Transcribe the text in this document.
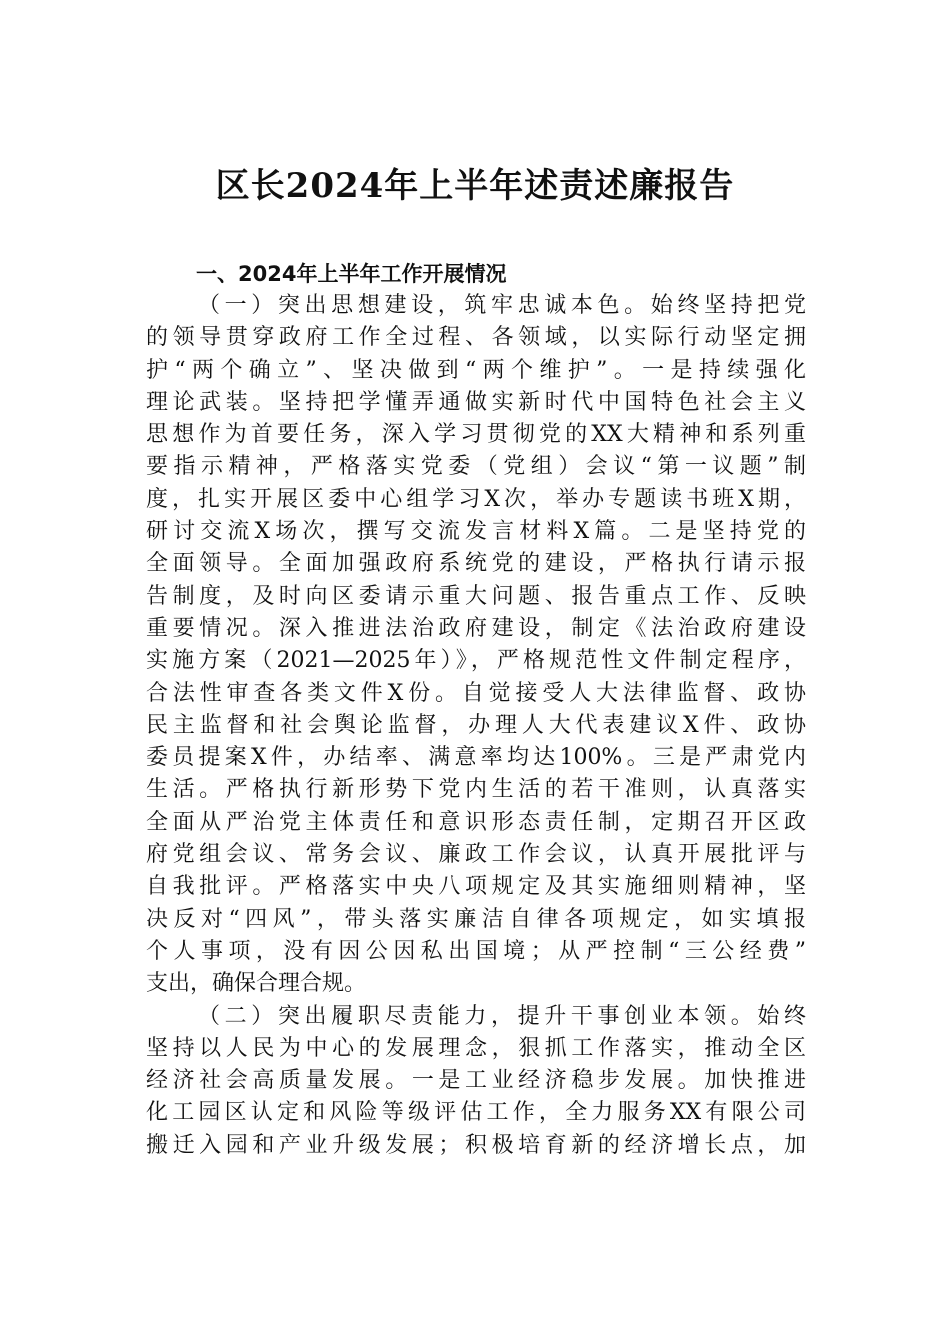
区长2024年上半年述责述廉报告
一、2024年上半年工作开展情况
（一）突出思想建设，筑牢忠诚本色。始终坚持把党
的领导贯穿政府工作全过程、各领域，以实际行动坚定拥
护“两个确立”、坚决做到“两个维护”。一是持续强化
理论武装。坚持把学懂弄通做实新时代中国特色社会主义
思想作为首要任务，深入学习贯彻党的XX大精神和系列重
要指示精神，严格落实党委（党组）会议“第一议题”制
度，扎实开展区委中心组学习X次，举办专题读书班X期，
研讨交流X场次，撰写交流发言材料X篇。二是坚持党的
全面领导。全面加强政府系统党的建设，严格执行请示报
告制度，及时向区委请示重大问题、报告重点工作、反映
重要情况。深入推进法治政府建设，制定《法治政府建设
实施方案（2021—2025年）》，严格规范性文件制定程序，
合法性审查各类文件X份。自觉接受人大法律监督、政协
民主监督和社会舆论监督，办理人大代表建议X件、政协
委员提案X件，办结率、满意率均达100%。三是严肃党内
生活。严格执行新形势下党内生活的若干准则，认真落实
全面从严治党主体责任和意识形态责任制，定期召开区政
府党组会议、常务会议、廉政工作会议，认真开展批评与
自我批评。严格落实中央八项规定及其实施细则精神，坚
决反对“四风”，带头落实廉洁自律各项规定，如实填报
个人事项，没有因公因私出国境；从严控制“三公经费”
支出，确保合理合规。
（二）突出履职尽责能力，提升干事创业本领。始终
坚持以人民为中心的发展理念，狠抓工作落实，推动全区
经济社会高质量发展。一是工业经济稳步发展。加快推进
化工园区认定和风险等级评估工作，全力服务XX有限公司
搬迁入园和产业升级发展；积极培育新的经济增长点，加
